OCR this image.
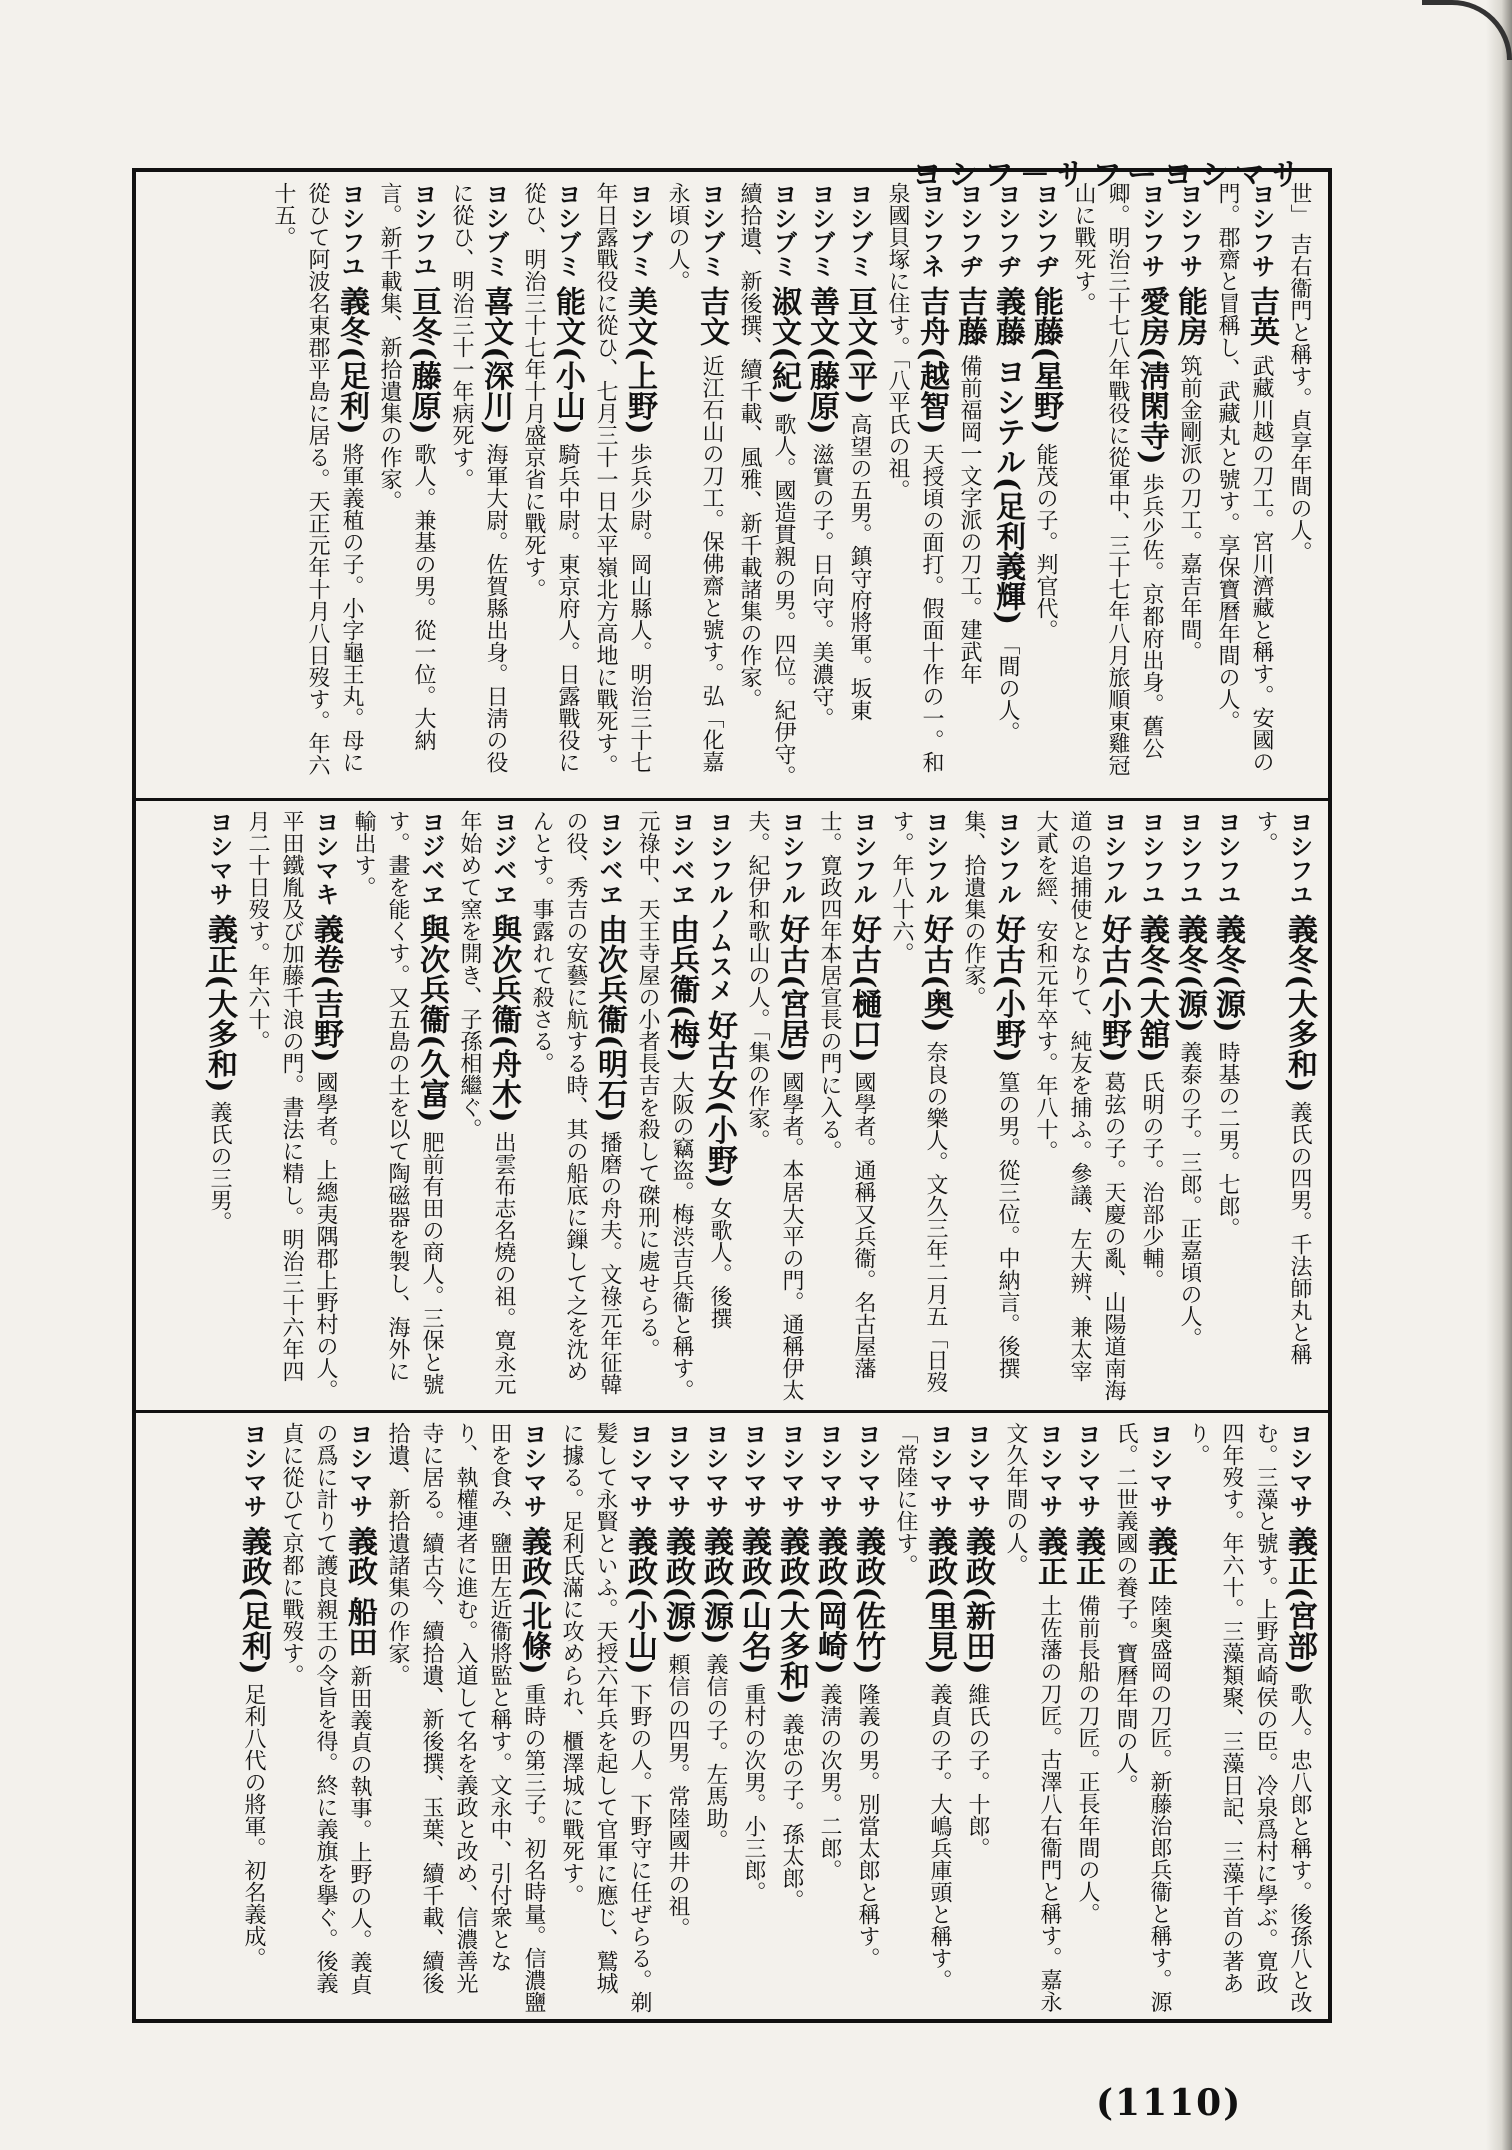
ヨシフ－サフーヨシマサ
世」 吉右衞門と稱す。貞享年間の人。
ヨシフサ 吉英 武藏川越の刀工。宮川濟藏と稱す。安國の門。郡齋と冒稱し、武藏丸と號す。享保寶曆年間の人。
ヨシフサ 能房 筑前金剛派の刀工。嘉吉年間。
ヨシフサ 愛房(淸閑寺) 歩兵少佐。京都府出身。舊公卿。明治三十七八年戰役に從軍中、三十七年八月旅順東雞冠山に戰死す。
ヨシフヂ 能藤(星野) 能茂の子。判官代。
ヨシフヂ 義藤 ヨシテル(足利義輝) 「間の人。
ヨシフヂ 吉藤 備前福岡一文字派の刀工。建武年
ヨシフネ 吉舟(越智) 天授頃の面打。假面十作の一。和泉國貝塚に住す。「八平氏の祖。
ヨシブミ 亘文(平) 高望の五男。鎮守府將軍。坂東
ヨシブミ 善文(藤原) 滋實の子。日向守。美濃守。
ヨシブミ 淑文(紀) 歌人。國造貫親の男。四位。紀伊守。續拾遺、新後撰、續千載、風雅、新千載諸集の作家。
ヨシブミ 吉文 近江石山の刀工。保佛齋と號す。弘「化嘉永頃の人。
ヨシブミ 美文(上野) 歩兵少尉。岡山縣人。明治三十七年日露戰役に從ひ、七月三十一日太平嶺北方高地に戰死す。
ヨシブミ 能文(小山) 騎兵中尉。東京府人。日露戰役に從ひ、明治三十七年十月盛京省に戰死す。
ヨシブミ 喜文(深川) 海軍大尉。佐賀縣出身。日淸の役に從ひ、明治三十一年病死す。
ヨシフユ 亘冬(藤原) 歌人。兼基の男。從一位。大納言。新千載集、新拾遺集の作家。
ヨシフユ 義冬(足利) 將軍義稙の子。小字龜王丸。母に從ひて阿波名東郡平島に居る。天正元年十月八日歿す。年六十五。
ヨシフユ 義冬(大多和) 義氏の四男。千法師丸と稱す。
ヨシフユ 義冬(源) 時基の二男。七郎。
ヨシフユ 義冬(源) 義泰の子。三郎。正嘉頃の人。
ヨシフユ 義冬(大舘) 氏明の子。治部少輔。
ヨシフル 好古(小野) 葛弦の子。天慶の亂、山陽道南海道の追捕使となりて、純友を捕ふ。參議、左大辨、兼太宰大貳を經、安和元年卒す。年八十。
ヨシフル 好古(小野) 篁の男。從三位。中納言。後撰集、拾遺集の作家。
ヨシフル 好古(奥) 奈良の樂人。文久三年二月五「日歿す。年八十六。
ヨシフル 好古(樋口) 國學者。通稱又兵衞。名古屋藩士。寛政四年本居宣長の門に入る。
ヨシフル 好古(宮居) 國學者。本居大平の門。通稱伊太夫。紀伊和歌山の人。「集の作家。
ヨシフルノムスメ 好古女(小野) 女歌人。後撰
ヨシベヱ 由兵衞(梅) 大阪の竊盗。梅渋吉兵衞と稱す。元祿中、天王寺屋の小者長吉を殺して磔刑に處せらる。
ヨシベヱ 由次兵衞(明石) 播磨の舟夫。文祿元年征韓の役、秀吉の安藝に航する時、其の船底に鏁して之を沈めんとす。事露れて殺さる。
ヨジベヱ 與次兵衞(舟木) 出雲布志名燒の祖。寛永元年始めて窯を開き、子孫相繼ぐ。
ヨジベヱ 與次兵衞(久富) 肥前有田の商人。三保と號す。畫を能くす。又五島の土を以て陶磁器を製し、海外に輸出す。
ヨシマキ 義卷(吉野) 國學者。上總夷隅郡上野村の人。平田鐵胤及び加藤千浪の門。書法に精し。明治三十六年四月二十日歿す。年六十。
ヨシマサ 義正(大多和) 義氏の三男。
ヨシマサ 義正(宮部) 歌人。忠八郎と稱す。後孫八と改む。三藻と號す。上野高崎侯の臣。冷泉爲村に學ぶ。寛政四年歿す。年六十。三藻類聚、三藻日記、三藻千首の著あり。
ヨシマサ 義正 陸奥盛岡の刀匠。新藤治郎兵衞と稱す。源氏。二世義國の養子。寶曆年間の人。
ヨシマサ 義正 備前長船の刀匠。正長年間の人。
ヨシマサ 義正 土佐藩の刀匠。古澤八右衞門と稱す。嘉永文久年間の人。
ヨシマサ 義政(新田) 維氏の子。十郎。
ヨシマサ 義政(里見) 義貞の子。大嶋兵庫頭と稱す。「常陸に住す。
ヨシマサ 義政(佐竹) 隆義の男。別當太郎と稱す。
ヨシマサ 義政(岡崎) 義淸の次男。二郎。
ヨシマサ 義政(大多和) 義忠の子。孫太郎。
ヨシマサ 義政(山名) 重村の次男。小三郎。
ヨシマサ 義政(源) 義信の子。左馬助。
ヨシマサ 義政(源) 頼信の四男。常陸國井の祖。
ヨシマサ 義政(小山) 下野の人。下野守に任ぜらる。剃髪して永賢といふ。天授六年兵を起して官軍に應じ、鷲城に據る。足利氏滿に攻められ、櫃澤城に戰死す。
ヨシマサ 義政(北條) 重時の第三子。初名時量。信濃鹽田を食み、鹽田左近衞將監と稱す。文永中、引付衆となり、執權連者に進む。入道して名を義政と改め、信濃善光寺に居る。續古今、續拾遺、新後撰、玉葉、續千載、續後拾遺、新拾遺諸集の作家。
ヨシマサ 義政 船田 新田義貞の執事。上野の人。義貞の爲に計りて護良親王の令旨を得。終に義旗を擧ぐ。後義貞に從ひて京都に戰歿す。
ヨシマサ 義政(足利) 足利八代の將軍。初名義成。
(1110)
